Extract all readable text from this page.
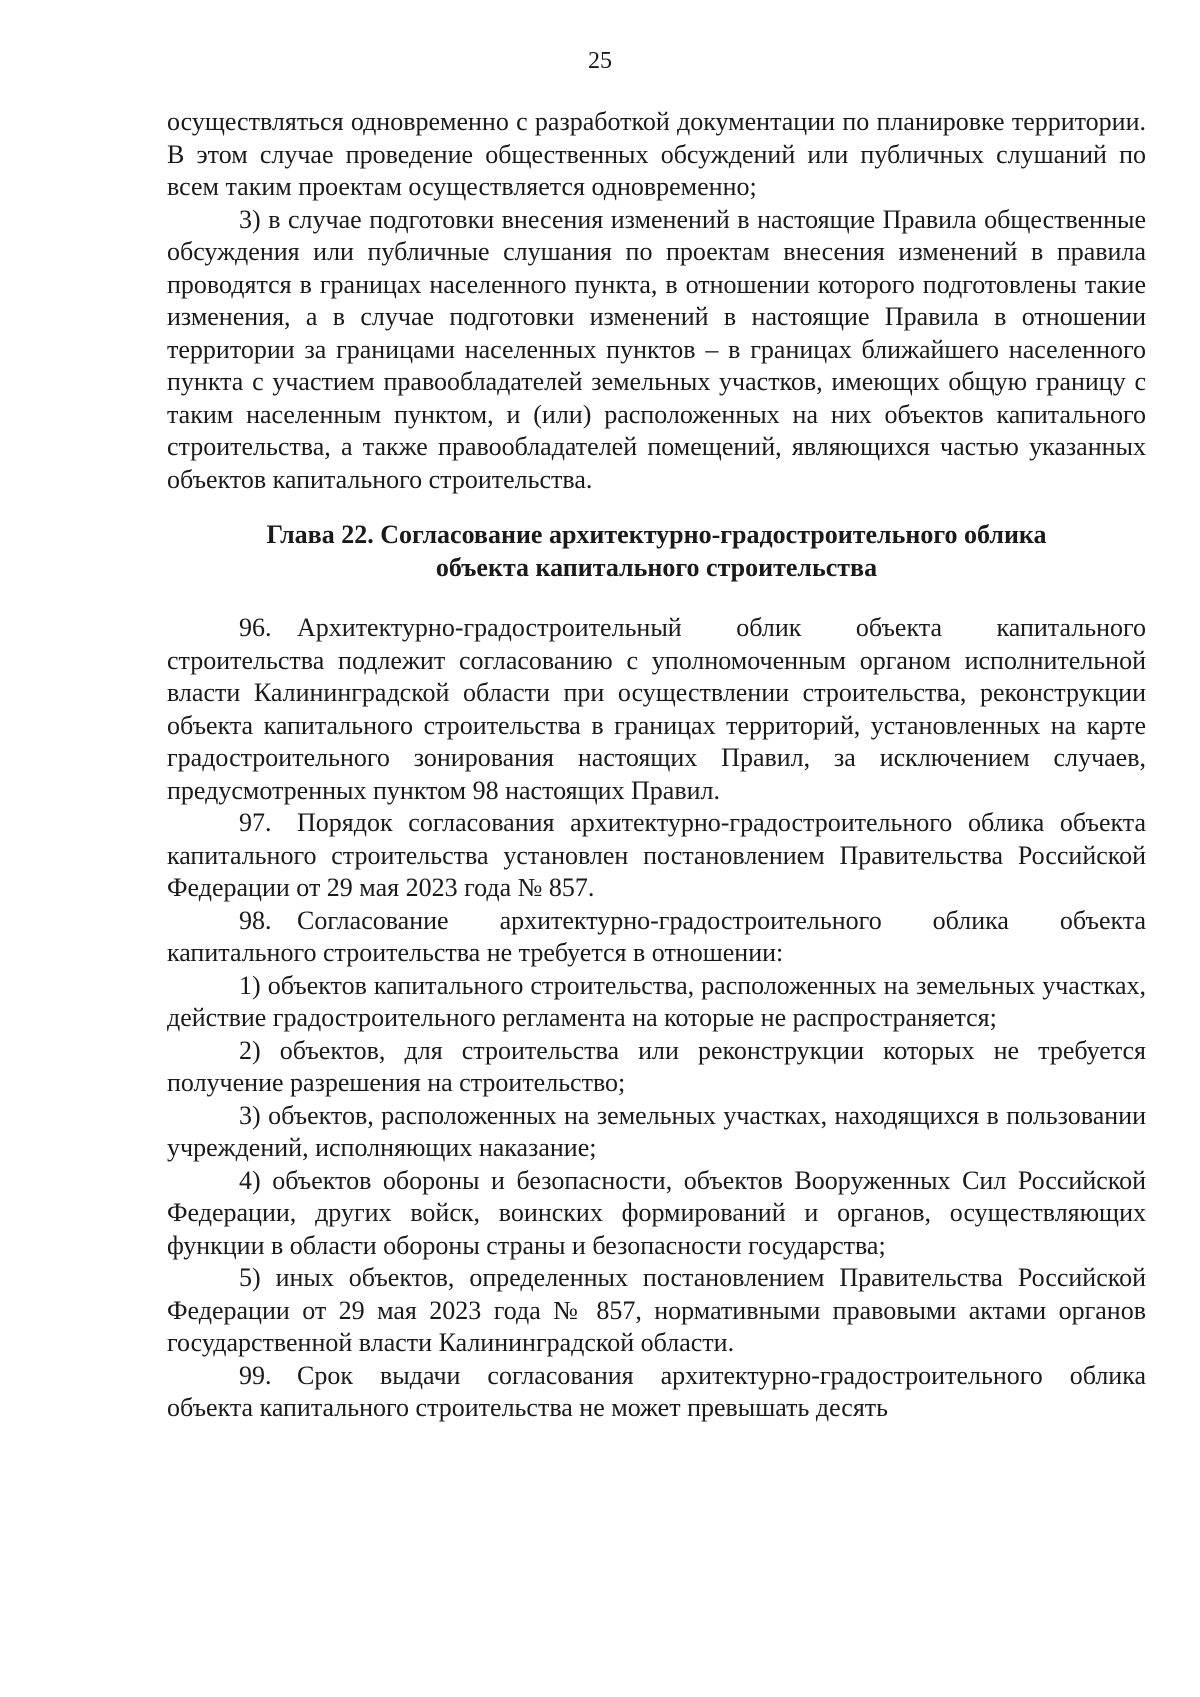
25

осуществляться одновременно с разработкой документации по планировке территории. В этом случае проведение общественных обсуждений или публичных слушаний по всем таким проектам осуществляется одновременно;

3) в случае подготовки внесения изменений в настоящие Правила общественные обсуждения или публичные слушания по проектам внесения изменений в правила проводятся в границах населенного пункта, в отношении которого подготовлены такие изменения, а в случае подготовки изменений в настоящие Правила в отношении территории за границами населенных пунктов – в границах ближайшего населенного пункта с участием правообладателей земельных участков, имеющих общую границу с таким населенным пунктом, и (или) расположенных на них объектов капитального строительства, а также правообладателей помещений, являющихся частью указанных объектов капитального строительства.

Глава 22. Согласование архитектурно-градостроительного облика
объекта капитального строительства

96. Архитектурно-градостроительный облик объекта капитального строительства подлежит согласованию с уполномоченным органом исполнительной власти Калининградской области при осуществлении строительства, реконструкции объекта капитального строительства в границах территорий, установленных на карте градостроительного зонирования настоящих Правил, за исключением случаев, предусмотренных пунктом 98 настоящих Правил.

97. Порядок согласования архитектурно-градостроительного облика объекта капитального строительства установлен постановлением Правительства Российской Федерации от 29 мая 2023 года № 857.

98. Согласование архитектурно-градостроительного облика объекта капитального строительства не требуется в отношении:

1) объектов капитального строительства, расположенных на земельных участках, действие градостроительного регламента на которые не распространяется;

2) объектов, для строительства или реконструкции которых не требуется получение разрешения на строительство;

3) объектов, расположенных на земельных участках, находящихся в пользовании учреждений, исполняющих наказание;

4) объектов обороны и безопасности, объектов Вооруженных Сил Российской Федерации, других войск, воинских формирований и органов, осуществляющих функции в области обороны страны и безопасности государства;

5) иных объектов, определенных постановлением Правительства Российской Федерации от 29 мая 2023 года № 857, нормативными правовыми актами органов государственной власти Калининградской области.

99. Срок выдачи согласования архитектурно-градостроительного облика объекта капитального строительства не может превышать десять
